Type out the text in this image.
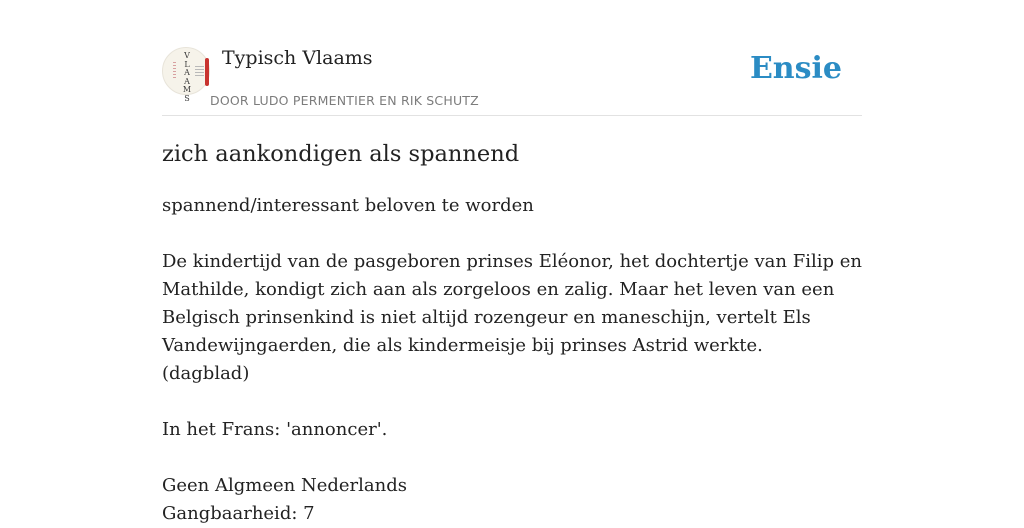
V
L
A
A
M
S
Typisch Vlaams
DOOR LUDO PERMENTIER EN RIK SCHUTZ
Ensie
zich aankondigen als spannend

spannend/interessant beloven te worden

De kindertijd van de pasgeboren prinses Eléonor, het dochtertje van Filip en

Mathilde, kondigt zich aan als zorgeloos en zalig. Maar het leven van een

Belgisch prinsenkind is niet altijd rozengeur en maneschijn, vertelt Els

Vandewijngaerden, die als kindermeisje bij prinses Astrid werkte.

(dagblad)

In het Frans: 'annoncer'.

Geen Algmeen Nederlands

Gangbaarheid: 7
